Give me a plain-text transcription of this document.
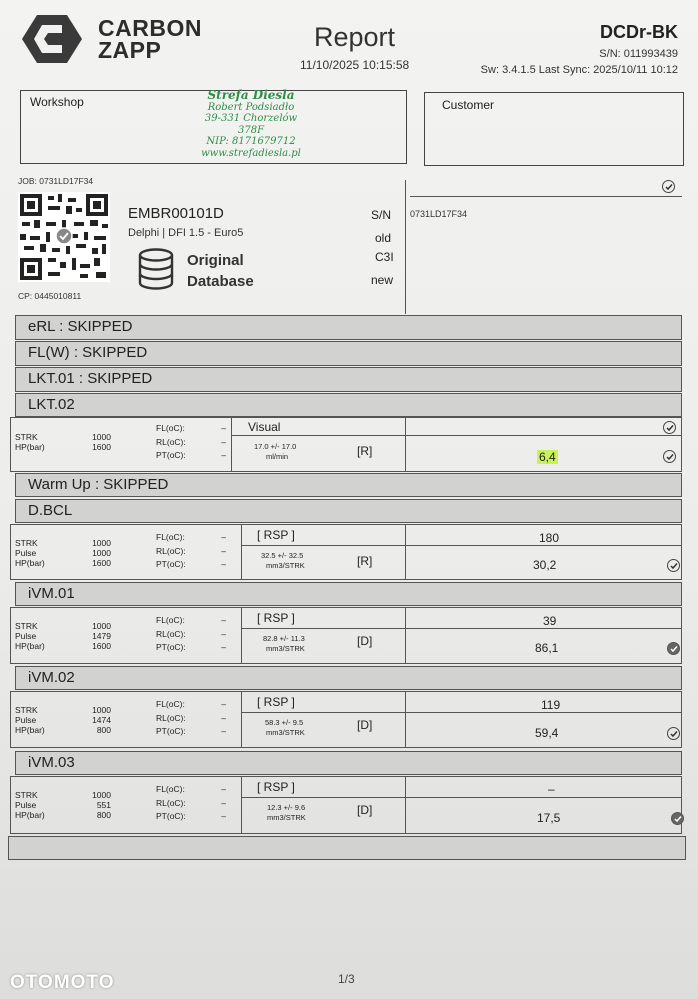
CARBON
ZAPP	Report
11/10/2025 10:15:58
DCDr-BK
S/N: 011993439
Sw: 3.4.1.5 Last Sync: 2025/10/11 10:12
Workshop	Strefa Diesla
Robert Podsiadło
39-331 Chorzelów 378F
NIP: 8171679712
www.strefadiesla.pl
Customer
JOB: 0731LD17F34
CP: 0445010811
EMBR00101D
Delphi | DFI 1.5 - Euro5
Original
Database
S/N
old
C3I
new
0731LD17F34
eRL : SKIPPED
FL(W) : SKIPPED
LKT.01 : SKIPPED
LKT.02
STRK	1000
HP(bar)	1600
FL(oC):	–
RL(oC):	–
PT(oC):	–
Visual
17.0 +/- 17.0
ml/min	[R]	6,4
Warm Up : SKIPPED
D.BCL
STRK	1000
Pulse	1000
HP(bar)	1600
FL(oC):	–
RL(oC):	–
PT(oC):	–
[ RSP ]	180
32.5 +/- 32.5
mm3/STRK	[R]	30,2
iVM.01
STRK	1000
Pulse	1479
HP(bar)	1600
FL(oC):	–
RL(oC):	–
PT(oC):	–
[ RSP ]	39
82.8 +/- 11.3
mm3/STRK
[D]	86,1
iVM.02
STRK	1000
Pulse	1474
HP(bar)	800
FL(oC):	–
RL(oC):	–
PT(oC):	–
[ RSP ]	119
58.3 +/- 9.5
mm3/STRK
[D]
59,4
iVM.03
STRK	1000
Pulse	551
HP(bar)	800
FL(oC):	–
RL(oC):	–
PT(oC):	–
[ RSP ]	–
12.3 +/- 9.6
mm3/STRK
[D]
17,5
1/3
OTOMOTO
